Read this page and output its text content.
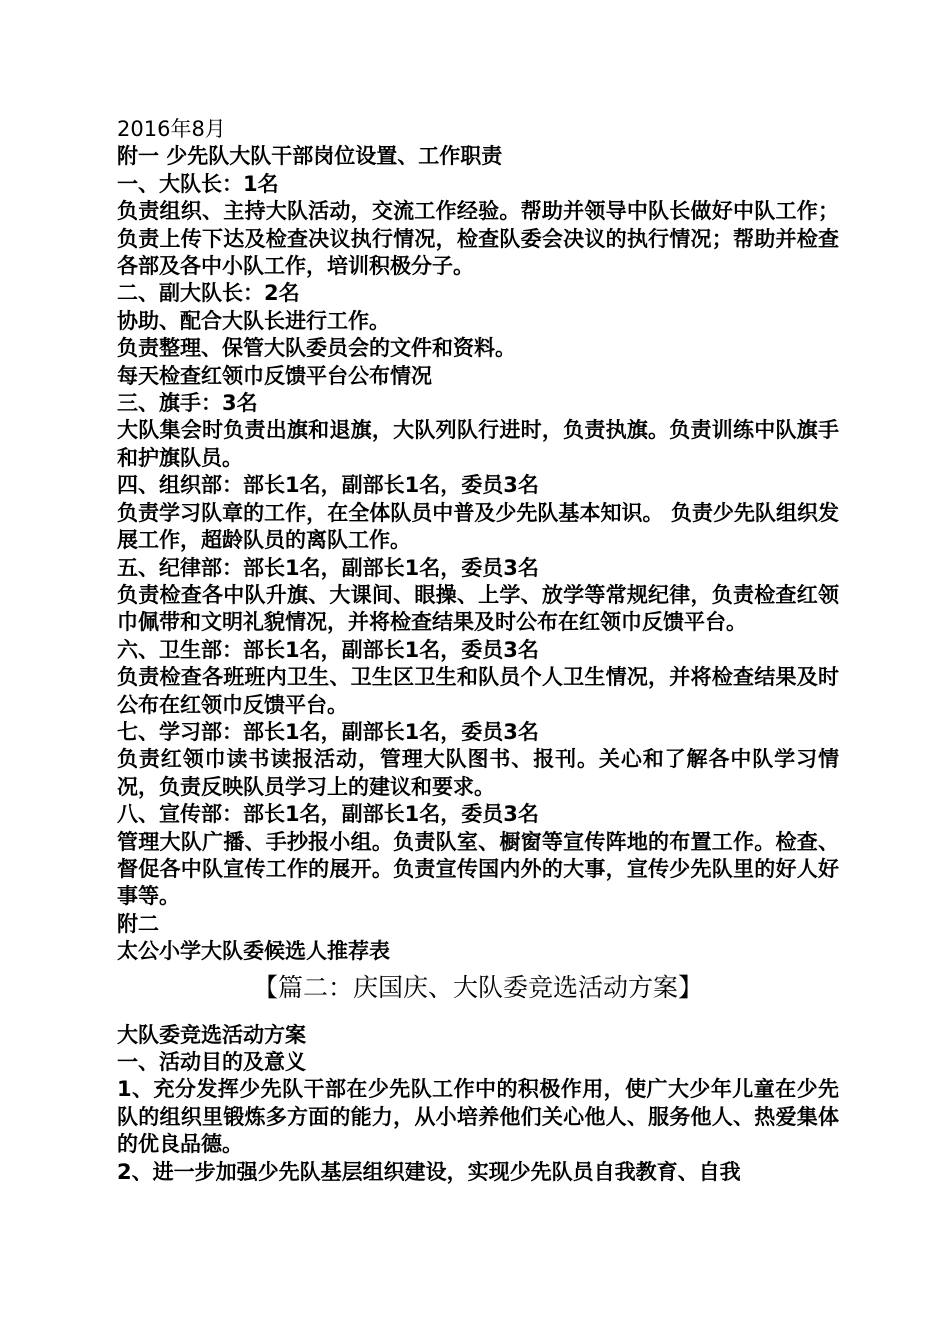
2016年8月
附一 少先队大队干部岗位设置、工作职责
一、大队长：1名
负责组织、主持大队活动，交流工作经验。帮助并领导中队长做好中队工作； 负责上传下达及检查决议执行情况，检查队委会决议的执行情况；帮助并检查各部及各中小队工作，培训积极分子。
二、副大队长：2名
协助、配合大队长进行工作。
负责整理、保管大队委员会的文件和资料。
每天检查红领巾反馈平台公布情况
三、旗手：3名
大队集会时负责出旗和退旗，大队列队行进时，负责执旗。负责训练中队旗手和护旗队员。
四、组织部：部长1名，副部长1名，委员3名
负责学习队章的工作，在全体队员中普及少先队基本知识。 负责少先队组织发展工作，超龄队员的离队工作。
五、纪律部：部长1名，副部长1名，委员3名
负责检查各中队升旗、大课间、眼操、上学、放学等常规纪律，负责检查红领巾佩带和文明礼貌情况，并将检查结果及时公布在红领巾反馈平台。
六、卫生部：部长1名，副部长1名，委员3名
负责检查各班班内卫生、卫生区卫生和队员个人卫生情况，并将检查结果及时公布在红领巾反馈平台。
七、学习部：部长1名，副部长1名，委员3名
负责红领巾读书读报活动，管理大队图书、报刊。关心和了解各中队学习情况，负责反映队员学习上的建议和要求。
八、宣传部：部长1名，副部长1名，委员3名
管理大队广播、手抄报小组。负责队室、橱窗等宣传阵地的布置工作。检查、督促各中队宣传工作的展开。负责宣传国内外的大事，宣传少先队里的好人好事等。
附二
太公小学大队委候选人推荐表
【篇二：庆国庆、大队委竞选活动方案】
大队委竞选活动方案
一、活动目的及意义
1、充分发挥少先队干部在少先队工作中的积极作用，使广大少年儿童在少先队的组织里锻炼多方面的能力，从小培养他们关心他人、服务他人、热爱集体的优良品德。
2、进一步加强少先队基层组织建设，实现少先队员自我教育、自我
